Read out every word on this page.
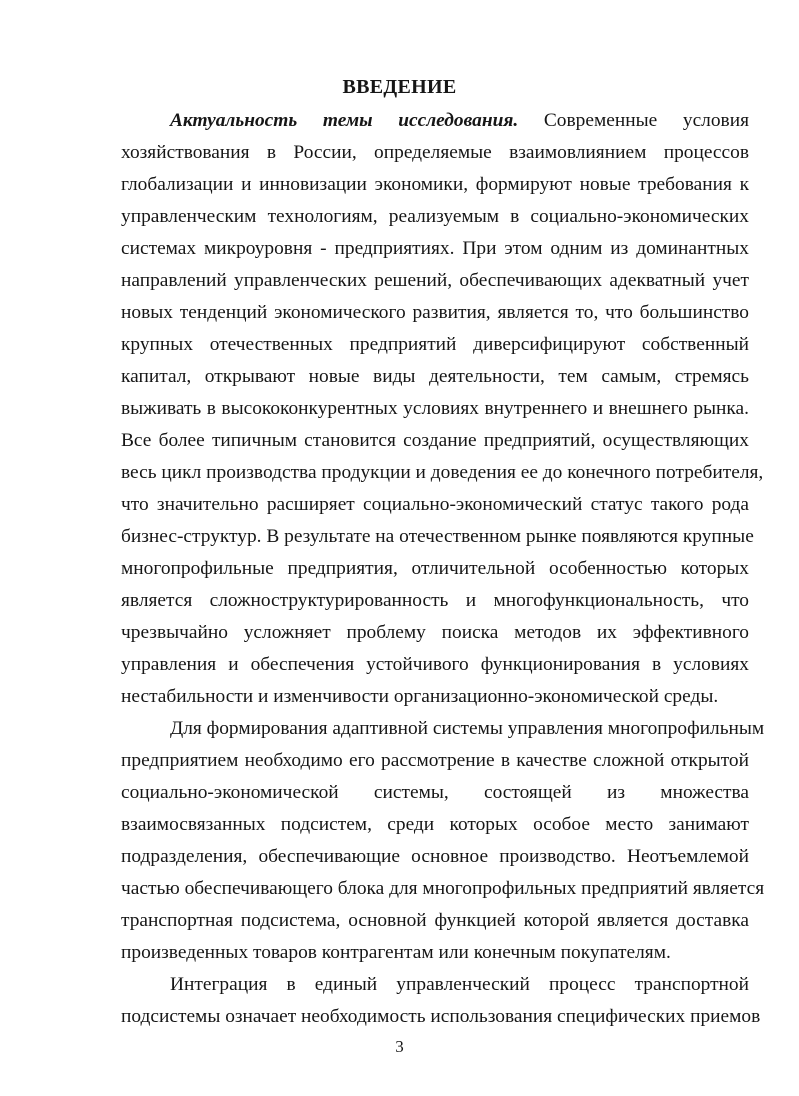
ВВЕДЕНИЕ
Актуальность темы исследования. Современные условия
хозяйствования в России, определяемые взаимовлиянием процессов
глобализации и инновизации экономики, формируют новые требования к
управленческим технологиям, реализуемым в социально-экономических
системах микроуровня - предприятиях. При этом одним из доминантных
направлений управленческих решений, обеспечивающих адекватный учет
новых тенденций экономического развития, является то, что большинство
крупных отечественных предприятий диверсифицируют собственный
капитал, открывают новые виды деятельности, тем самым, стремясь
выживать в высококонкурентных условиях внутреннего и внешнего рынка.
Все более типичным становится создание предприятий, осуществляющих
весь цикл производства продукции и доведения ее до конечного потребителя,
что значительно расширяет социально-экономический статус такого рода
бизнес-структур. В результате на отечественном рынке появляются крупные
многопрофильные предприятия, отличительной особенностью которых
является сложноструктурированность и многофункциональность, что
чрезвычайно усложняет проблему поиска методов их эффективного
управления и обеспечения устойчивого функционирования в условиях
нестабильности и изменчивости организационно-экономической среды.
Для формирования адаптивной системы управления многопрофильным
предприятием необходимо его рассмотрение в качестве сложной открытой
социально-экономической системы, состоящей из множества
взаимосвязанных подсистем, среди которых особое место занимают
подразделения, обеспечивающие основное производство. Неотъемлемой
частью обеспечивающего блока для многопрофильных предприятий является
транспортная подсистема, основной функцией которой является доставка
произведенных товаров контрагентам или конечным покупателям.
Интеграция в единый управленческий процесс транспортной
подсистемы означает необходимость использования специфических приемов
3
